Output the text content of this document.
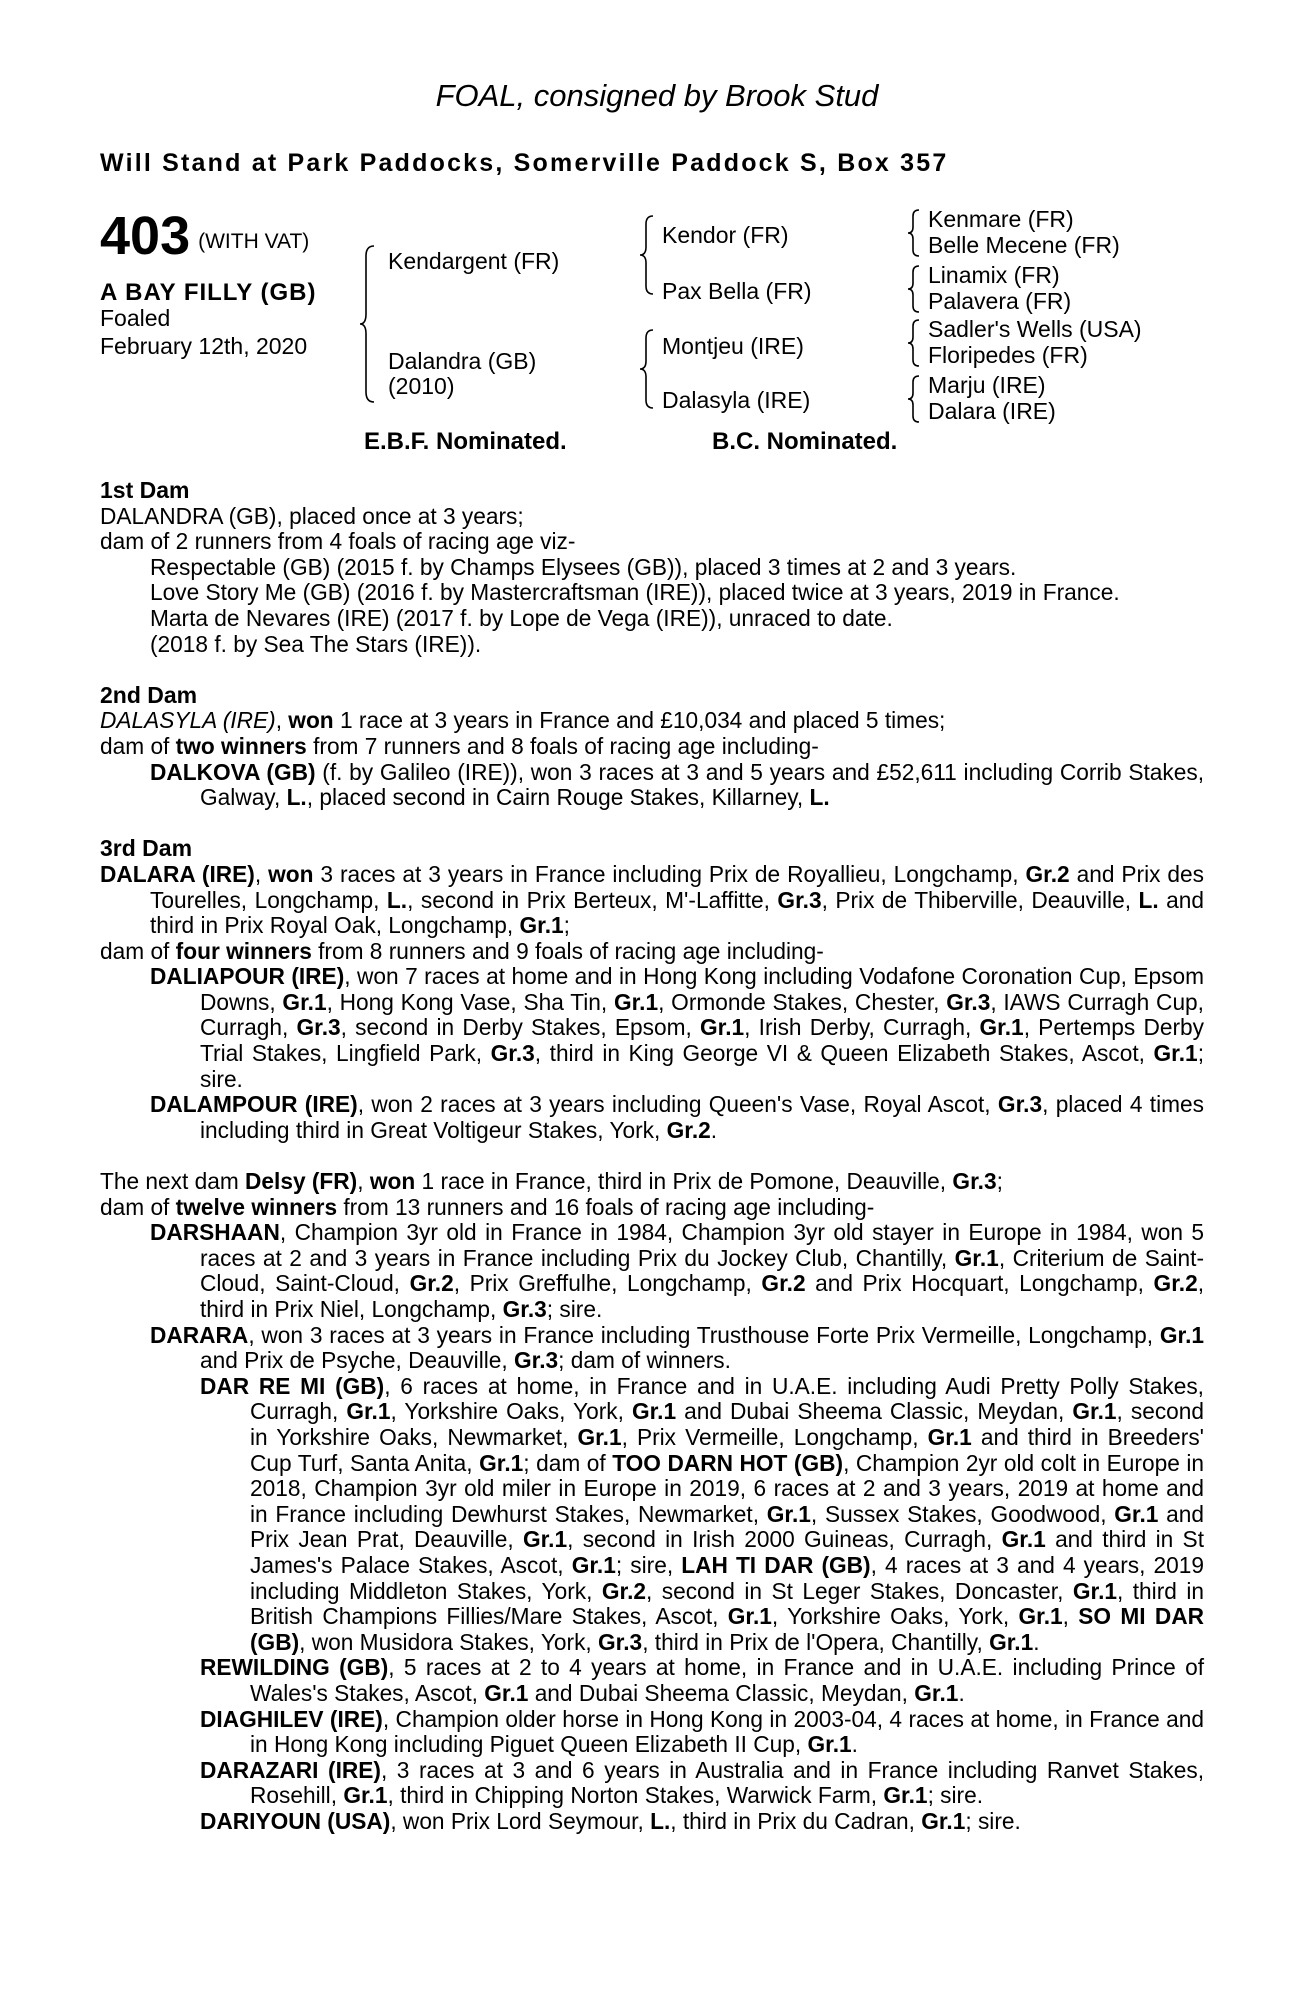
FOAL, consigned by Brook Stud
Will Stand at Park Paddocks, Somerville Paddock S, Box 357
403 (WITH VAT)
A BAY FILLY (GB)
Foaled
February 12th, 2020
Kendargent (FR)
Dalandra (GB)
(2010)
Kendor (FR)
Pax Bella (FR)
Montjeu (IRE)
Dalasyla (IRE)
Kenmare (FR)
Belle Mecene (FR)
Linamix (FR)
Palavera (FR)
Sadler's Wells (USA)
Floripedes (FR)
Marju (IRE)
Dalara (IRE)
E.B.F. Nominated.	B.C. Nominated.

1st Dam

DALANDRA (GB), placed once at 3 years;

dam of 2 runners from 4 foals of racing age viz-

Respectable (GB) (2015 f. by Champs Elysees (GB)), placed 3 times at 2 and 3 years.

Love Story Me (GB) (2016 f. by Mastercraftsman (IRE)), placed twice at 3 years, 2019 in France.

Marta de Nevares (IRE) (2017 f. by Lope de Vega (IRE)), unraced to date.

(2018 f. by Sea The Stars (IRE)).

2nd Dam

DALASYLA (IRE), won 1 race at 3 years in France and £10,034 and placed 5 times;

dam of two winners from 7 runners and 8 foals of racing age including-

DALKOVA (GB) (f. by Galileo (IRE)), won 3 races at 3 and 5 years and £52,611 including Corrib Stakes, Galway, L., placed second in Cairn Rouge Stakes, Killarney, L.

3rd Dam

DALARA (IRE), won 3 races at 3 years in France including Prix de Royallieu, Longchamp, Gr.2 and Prix des Tourelles, Longchamp, L., second in Prix Berteux, M'-Laffitte, Gr.3, Prix de Thiberville, Deauville, L. and third in Prix Royal Oak, Longchamp, Gr.1;

dam of four winners from 8 runners and 9 foals of racing age including-

DALIAPOUR (IRE), won 7 races at home and in Hong Kong including Vodafone Coronation Cup, Epsom Downs, Gr.1, Hong Kong Vase, Sha Tin, Gr.1, Ormonde Stakes, Chester, Gr.3, IAWS Curragh Cup, Curragh, Gr.3, second in Derby Stakes, Epsom, Gr.1, Irish Derby, Curragh, Gr.1, Pertemps Derby Trial Stakes, Lingfield Park, Gr.3, third in King George VI & Queen Elizabeth Stakes, Ascot, Gr.1; sire.

DALAMPOUR (IRE), won 2 races at 3 years including Queen's Vase, Royal Ascot, Gr.3, placed 4 times including third in Great Voltigeur Stakes, York, Gr.2.

The next dam Delsy (FR), won 1 race in France, third in Prix de Pomone, Deauville, Gr.3;

dam of twelve winners from 13 runners and 16 foals of racing age including-

DARSHAAN, Champion 3yr old in France in 1984, Champion 3yr old stayer in Europe in 1984, won 5 races at 2 and 3 years in France including Prix du Jockey Club, Chantilly, Gr.1, Criterium de Saint-Cloud, Saint-Cloud, Gr.2, Prix Greffulhe, Longchamp, Gr.2 and Prix Hocquart, Longchamp, Gr.2, third in Prix Niel, Longchamp, Gr.3; sire.

DARARA, won 3 races at 3 years in France including Trusthouse Forte Prix Vermeille, Longchamp, Gr.1 and Prix de Psyche, Deauville, Gr.3; dam of winners.

DAR RE MI (GB), 6 races at home, in France and in U.A.E. including Audi Pretty Polly Stakes, Curragh, Gr.1, Yorkshire Oaks, York, Gr.1 and Dubai Sheema Classic, Meydan, Gr.1, second in Yorkshire Oaks, Newmarket, Gr.1, Prix Vermeille, Longchamp, Gr.1 and third in Breeders' Cup Turf, Santa Anita, Gr.1; dam of TOO DARN HOT (GB), Champion 2yr old colt in Europe in 2018, Champion 3yr old miler in Europe in 2019, 6 races at 2 and 3 years, 2019 at home and in France including Dewhurst Stakes, Newmarket, Gr.1, Sussex Stakes, Goodwood, Gr.1 and Prix Jean Prat, Deauville, Gr.1, second in Irish 2000 Guineas, Curragh, Gr.1 and third in St James's Palace Stakes, Ascot, Gr.1; sire, LAH TI DAR (GB), 4 races at 3 and 4 years, 2019 including Middleton Stakes, York, Gr.2, second in St Leger Stakes, Doncaster, Gr.1, third in British Champions Fillies/Mare Stakes, Ascot, Gr.1, Yorkshire Oaks, York, Gr.1, SO MI DAR (GB), won Musidora Stakes, York, Gr.3, third in Prix de l'Opera, Chantilly, Gr.1.

REWILDING (GB), 5 races at 2 to 4 years at home, in France and in U.A.E. including Prince of Wales's Stakes, Ascot, Gr.1 and Dubai Sheema Classic, Meydan, Gr.1.

DIAGHILEV (IRE), Champion older horse in Hong Kong in 2003-04, 4 races at home, in France and in Hong Kong including Piguet Queen Elizabeth II Cup, Gr.1.

DARAZARI (IRE), 3 races at 3 and 6 years in Australia and in France including Ranvet Stakes, Rosehill, Gr.1, third in Chipping Norton Stakes, Warwick Farm, Gr.1; sire.

DARIYOUN (USA), won Prix Lord Seymour, L., third in Prix du Cadran, Gr.1; sire.
